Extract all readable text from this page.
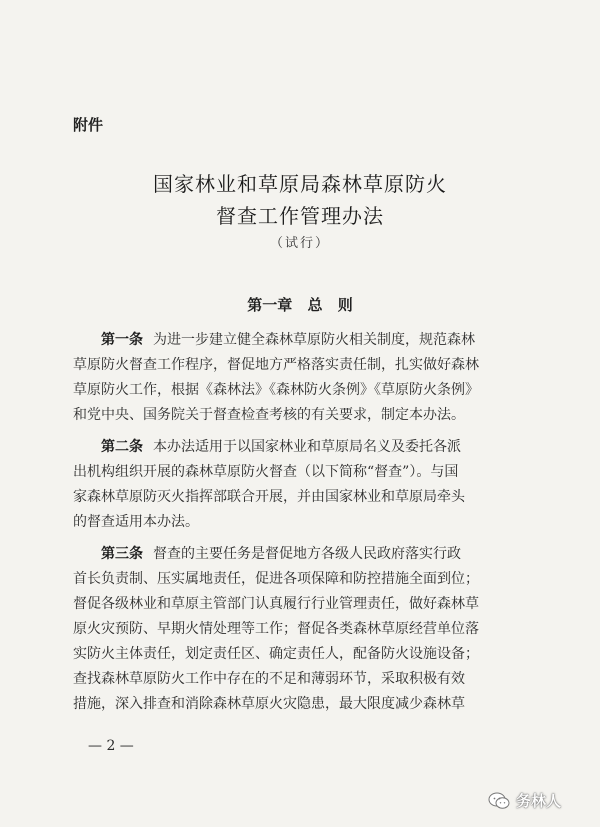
附件
国家林业和草原局森林草原防火
督查工作管理办法
（试行）
第一章 总 则
第一条 为进一步建立健全森林草原防火相关制度，规范森林
草原防火督查工作程序，督促地方严格落实责任制，扎实做好森林
草原防火工作，根据《森林法》《森林防火条例》《草原防火条例》
和党中央、国务院关于督查检查考核的有关要求，制定本办法。
第二条 本办法适用于以国家林业和草原局名义及委托各派
出机构组织开展的森林草原防火督查（以下简称“督查”）。与国
家森林草原防灭火指挥部联合开展，并由国家林业和草原局牵头
的督查适用本办法。
第三条 督查的主要任务是督促地方各级人民政府落实行政
首长负责制、压实属地责任，促进各项保障和防控措施全面到位；
督促各级林业和草原主管部门认真履行行业管理责任，做好森林草
原火灾预防、早期火情处理等工作；督促各类森林草原经营单位落
实防火主体责任，划定责任区、确定责任人，配备防火设施设备；
查找森林草原防火工作中存在的不足和薄弱环节，采取积极有效
措施，深入排查和消除森林草原火灾隐患，最大限度减少森林草
— 2 —
务林人
